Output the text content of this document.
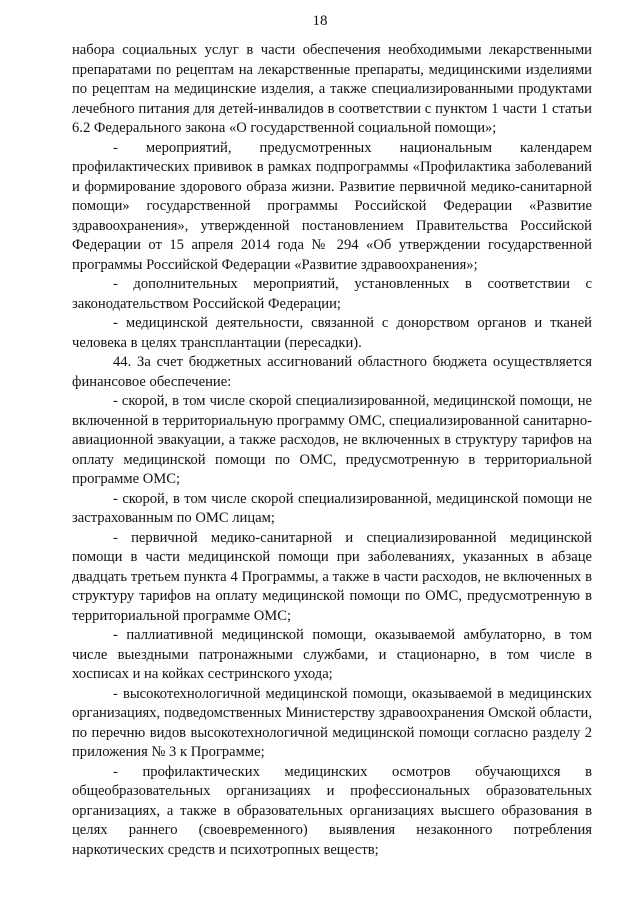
18

набора социальных услуг в части обеспечения необходимыми лекарственными препаратами по рецептам на лекарственные препараты, медицинскими изделиями по рецептам на медицинские изделия, а также специализированными продуктами лечебного питания для детей-инвалидов в соответствии с пунктом 1 части 1 статьи 6.2 Федерального закона «О государственной социальной помощи»;

- мероприятий, предусмотренных национальным календарем профилактических прививок в рамках подпрограммы «Профилактика заболеваний и формирование здорового образа жизни. Развитие первичной медико-санитарной помощи» государственной программы Российской Федерации «Развитие здравоохранения», утвержденной постановлением Правительства Российской Федерации от 15 апреля 2014 года № 294 «Об утверждении государственной программы Российской Федерации «Развитие здравоохранения»;

- дополнительных мероприятий, установленных в соответствии с законодательством Российской Федерации;

- медицинской деятельности, связанной с донорством органов и тканей человека в целях трансплантации (пересадки).

44. За счет бюджетных ассигнований областного бюджета осуществляется финансовое обеспечение:

- скорой, в том числе скорой специализированной, медицинской помощи, не включенной в территориальную программу ОМС, специализированной санитарно-авиационной эвакуации, а также расходов, не включенных в структуру тарифов на оплату медицинской помощи по ОМС, предусмотренную в территориальной программе ОМС;

- скорой, в том числе скорой специализированной, медицинской помощи не застрахованным по ОМС лицам;

- первичной медико-санитарной и специализированной медицинской помощи в части медицинской помощи при заболеваниях, указанных в абзаце двадцать третьем пункта 4 Программы, а также в части расходов, не включенных в структуру тарифов на оплату медицинской помощи по ОМС, предусмотренную в территориальной программе ОМС;

- паллиативной медицинской помощи, оказываемой амбулаторно, в том числе выездными патронажными службами, и стационарно, в том числе в хосписах и на койках сестринского ухода;

- высокотехнологичной медицинской помощи, оказываемой в медицинских организациях, подведомственных Министерству здравоохранения Омской области, по перечню видов высокотехнологичной медицинской помощи согласно разделу 2 приложения № 3 к Программе;

- профилактических медицинских осмотров обучающихся в общеобразовательных организациях и профессиональных образовательных организациях, а также в образовательных организациях высшего образования в целях раннего (своевременного) выявления незаконного потребления наркотических средств и психотропных веществ;
